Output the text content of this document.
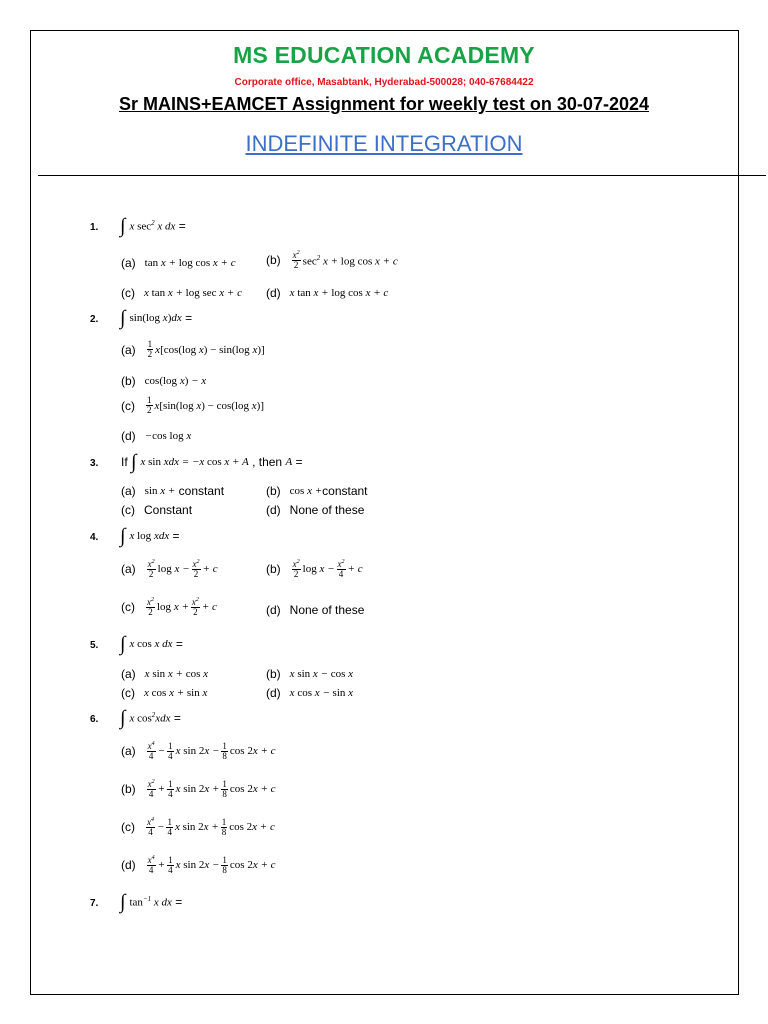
MS EDUCATION ACADEMY
Corporate office, Masabtank, Hyderabad-500028; 040-67684422
Sr MAINS+EAMCET Assignment for weekly test on 30-07-2024
INDEFINITE INTEGRATION
1. ∫ x $\sec^2 x$ dx =
(a) tan x + log cos x + c	$(b) \frac{x^2}{2} \sec^2 x + \log \cos x + c$
(c) x tan x + log sec x + c (d) x tan x + log cos x + c
2. ∫ sin(log x)dx =
$(a) \frac{1}{2} x[\cos(\log$ x) − sin(log x)]
(b) cos(log x) − x
$(c) \frac{1}{2} x[\sin(\log$ x) − cos(log x)]
(d) −cos log x
3. If ∫ x sin xdx = −x cos x + A , then A =
(a) sin x + constant	(b) cos x + constant
(c) Constant	(d) None of these
4. ∫ x log xdx =
$(a) \frac{x^2}{2}$ $\log x - \frac{x^2}{2} + c$	$(b) \frac{x^2}{2}$ $\log x - \frac{x^2}{4} + c$
$(c) \frac{x^2}{2}$ $\log x + \frac{x^2}{2} + c$	(d) None of these
5. ∫ x cos x dx =
(a) x sin x + cos x	(b) x sin x − cos x
(c) x cos x + sin x	(d) x cos x − sin x
6. ∫ x $\cos^2xdx$ =
$(a) \frac{x^4}{4} - \frac{1}{4}$ x $\sin 2x - \frac{1}{8}$ cos 2x + c
$(b) \frac{x^2}{4} + \frac{1}{4}$ x $\sin 2x + \frac{1}{8}$ cos 2x + c
$(c) \frac{x^4}{4} - \frac{1}{4}$ x $\sin 2x + \frac{1}{8}$ cos 2x + c
$(d) \frac{x^4}{4} + \frac{1}{4}$ x $\sin 2x - \frac{1}{8}$ cos 2x + c
7. ∫ $\tan^{-1} x$ dx =
